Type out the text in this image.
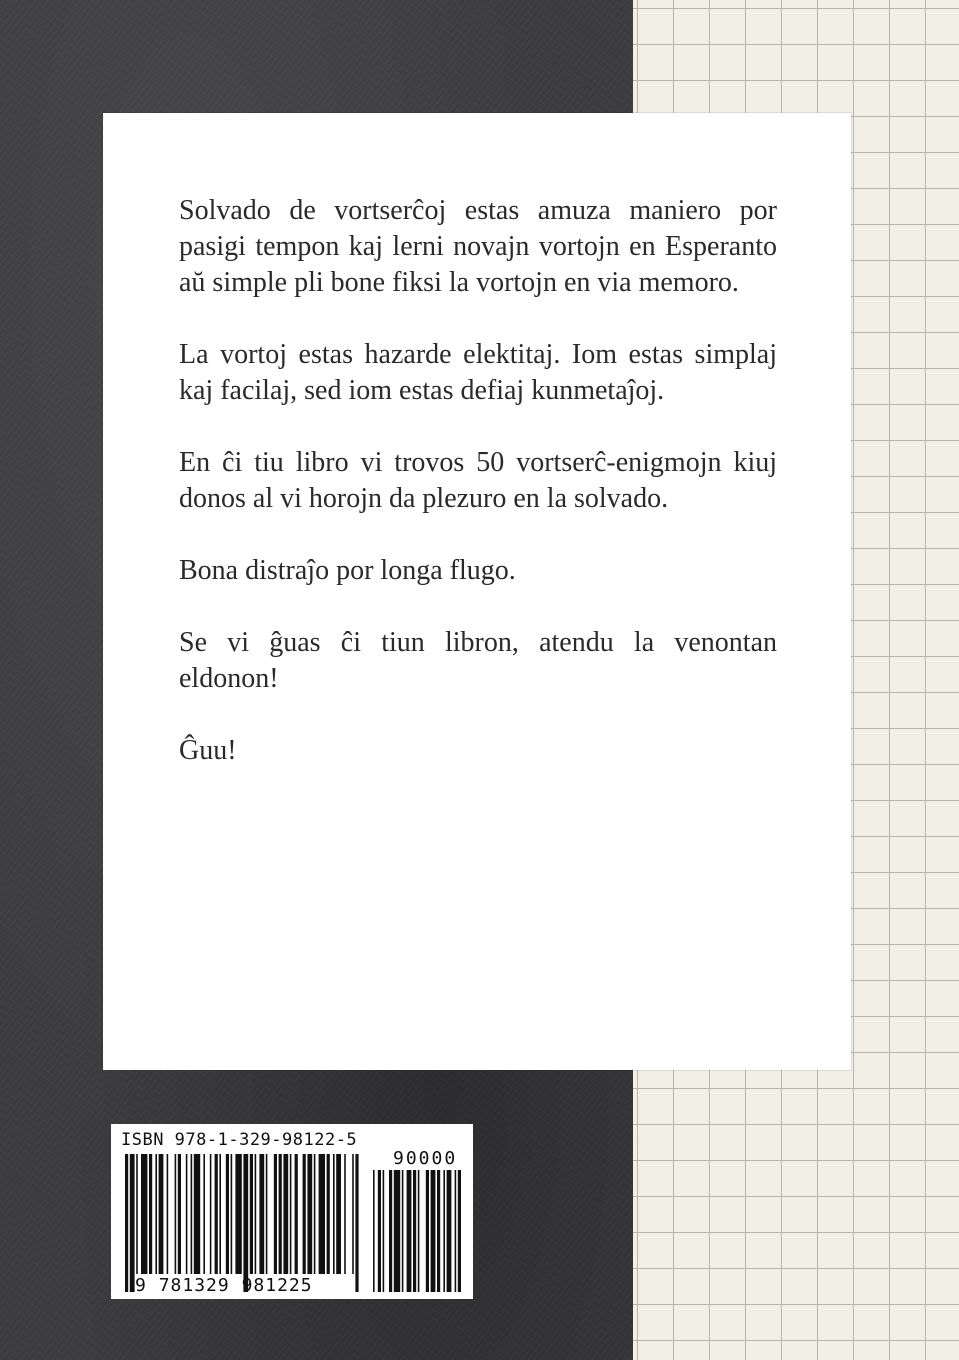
Solvado de vortserĉoj estas amuza maniero por pasigi tempon kaj lerni novajn vortojn en Esperanto aŭ simple pli bone fiksi la vortojn en via memoro.

La vortoj estas hazarde elektitaj. Iom estas simplaj kaj facilaj, sed iom estas defiaj kunmetaĵoj.

En ĉi tiu libro vi trovos 50 vortserĉ-enigmojn kiuj donos al vi horojn da plezuro en la solvado.

Bona distraĵo por longa flugo.

Se vi ĝuas ĉi tiun libron, atendu la venontan eldonon!

Ĝuu!

ISBN 978-1-329-98122-5
90000
9 781329 981225
